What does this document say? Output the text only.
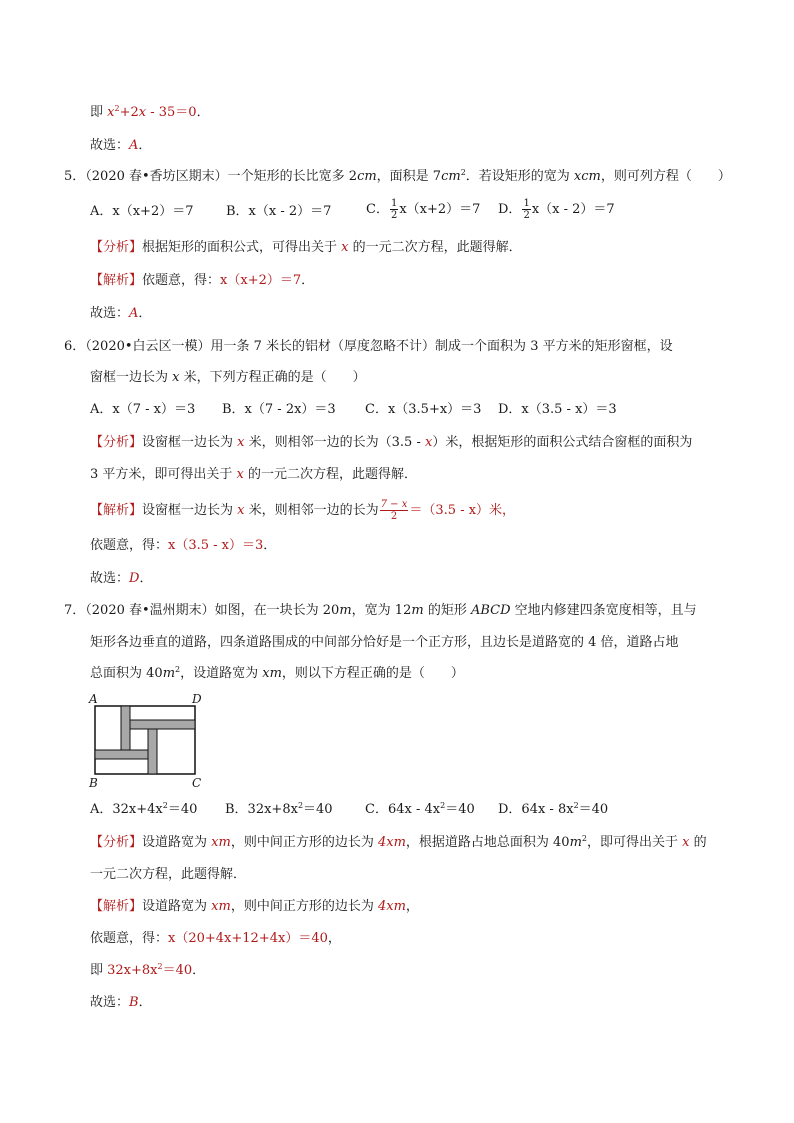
即 $x^2+2x - 35=0$．
故选：A．
5．（2020 春•香坊区期末）一个矩形的长比宽多 2cm，面积是 $7cm^2$．若设矩形的宽为 xcm，则可列方程（　　）
A．x（x+2）＝7	B．x（x - 2）＝7	C． $\frac{1}{2} x(x+2)=7$ D． $\frac{1}{2} x(x - 2)=7$
【分析】根据矩形的面积公式，可得出关于 x 的一元二次方程，此题得解．
【解析】依题意，得：x（x+2）＝7．
故选：A．
6．（2020•白云区一模）用一条 7 米长的铝材（厚度忽略不计）制成一个面积为 3 平方米的矩形窗框，设
窗框一边长为 x 米，下列方程正确的是（　　）
A．x（7 - x）＝3 B．x（7 - 2x）＝3 C．x（3.5+x）＝3 D．x（3.5 - x）＝3
【分析】设窗框一边长为 x 米，则相邻一边的长为（3.5 - x）米，根据矩形的面积公式结合窗框的面积为
3 平方米，即可得出关于 x 的一元二次方程，此题得解．
【解析】设窗框一边长为 x 米，则相邻一边的长为 $\frac{7 - x}{2} =(3.5 - x)$米，
依题意，得：x（3.5 - x）＝3．
故选：D．
7．（2020 春•温州期末）如图，在一块长为 20m，宽为 12m 的矩形 ABCD 空地内修建四条宽度相等，且与
矩形各边垂直的道路，四条道路围成的中间部分恰好是一个正方形，且边长是道路宽的 4 倍，道路占地
总面积为 $40m^2$，设道路宽为 xm，则以下方程正确的是（　　）
A	D
B	C
A．$32x+4x^2=40$ B．$32x+8x^2=40$ C．$64x - 4x^2=40$ D．$64x - 8x^2=40$
【分析】设道路宽为 xm，则中间正方形的边长为 4xm，根据道路占地总面积为 $40m^2$，即可得出关于 x 的
一元二次方程，此题得解．
【解析】设道路宽为 xm，则中间正方形的边长为 4xm，
依题意，得：x（20+4x+12+4x）＝40，
即 $32x+8x^2=40$．
故选：B．
